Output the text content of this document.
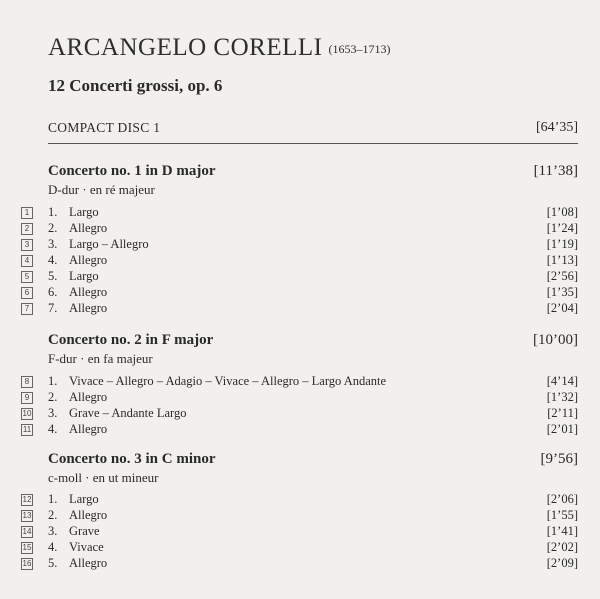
ARCANGELO CORELLI (1653–1713)
12 Concerti grossi, op. 6
COMPACT DISC 1	[64’35]
Concerto no. 1 in D major	[11’38]
D-dur · en ré majeur
1	1. Largo	[1’08]
2	2. Allegro	[1’24]
3	3. Largo – Allegro	[1’19]
4	4. Allegro	[1’13]
5	5. Largo	[2’56]
6	6. Allegro	[1’35]
7	7. Allegro	[2’04]
Concerto no. 2 in F major	[10’00]
F-dur · en fa majeur
8	1. Vivace – Allegro – Adagio – Vivace – Allegro – Largo Andante	[4’14]
9	2. Allegro	[1’32]
10 3. Grave – Andante Largo	[2’11]
11 4. Allegro	[2’01]
Concerto no. 3 in C minor	[9’56]
c-moll · en ut mineur
12 1. Largo	[2’06]
13 2. Allegro	[1’55]
14 3. Grave	[1’41]
15 4. Vivace	[2’02]
16 5. Allegro	[2’09]
